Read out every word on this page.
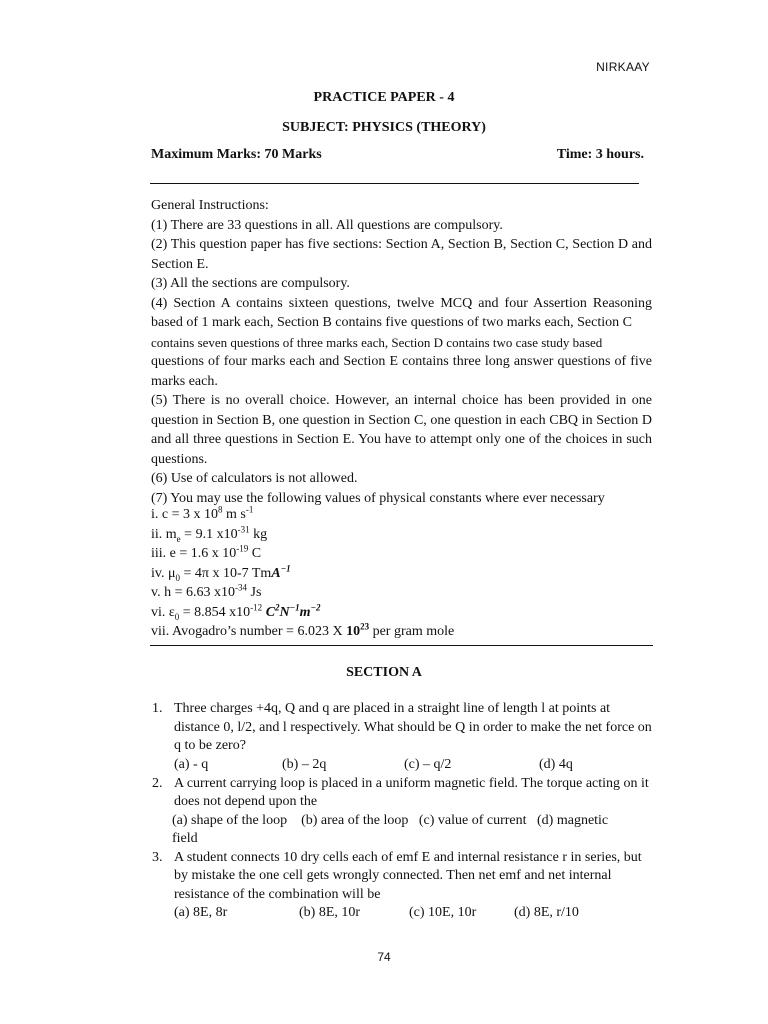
NIRKAAY
PRACTICE PAPER - 4
SUBJECT: PHYSICS (THEORY)
Maximum Marks: 70 Marks	Time: 3 hours.
General Instructions:
(1) There are 33 questions in all. All questions are compulsory.
(2) This question paper has five sections: Section A, Section B, Section C, Section D and Section E.
(3) All the sections are compulsory.
(4) Section A contains sixteen questions, twelve MCQ and four Assertion Reasoning based of 1 mark each, Section B contains five questions of two marks each, Section C
contains seven questions of three marks each, Section D contains two case study based
questions of four marks each and Section E contains three long answer questions of five marks each.
(5) There is no overall choice. However, an internal choice has been provided in one question in Section B, one question in Section C, one question in each CBQ in Section D and all three questions in Section E. You have to attempt only one of the choices in such questions.
(6) Use of calculators is not allowed.
(7) You may use the following values of physical constants where ever necessary
i. c = 3 x $10^8$ m $s^{-1}$
ii. $m_e = 9.1$ $x10^{-31}$ kg
iii. e = 1.6 x $10^{-19}$ C
iv. $\mu_0 = 4\pi$ x 10-7 TmA$^{-1}$
v. h = 6.63 $x10^{-34}$ Js
vi. $\varepsilon_0 = 8.854$ $x10^{-12}$ $C^2N^{-1}m^{-2}$
vii. Avogadro’s number = 6.023 X $10^{23}$ per gram mole
SECTION A
1. Three charges +4q, Q and q are placed in a straight line of length l at points at distance 0, l/2, and l respectively. What should be Q in order to make the net force on q to be zero?
(a) - q	(b) – 2q	(c) – q/2	(d) 4q
2. A current carrying loop is placed in a uniform magnetic field. The torque acting on it does not depend upon the
(a) shape of the loop    (b) area of the loop   (c) value of current   (d) magnetic
field
3. A student connects 10 dry cells each of emf E and internal resistance r in series, but by mistake the one cell gets wrongly connected. Then net emf and net internal resistance of the combination will be
(a) 8E, 8r	(b) 8E, 10r	(c) 10E, 10r	(d) 8E, r/10
74
